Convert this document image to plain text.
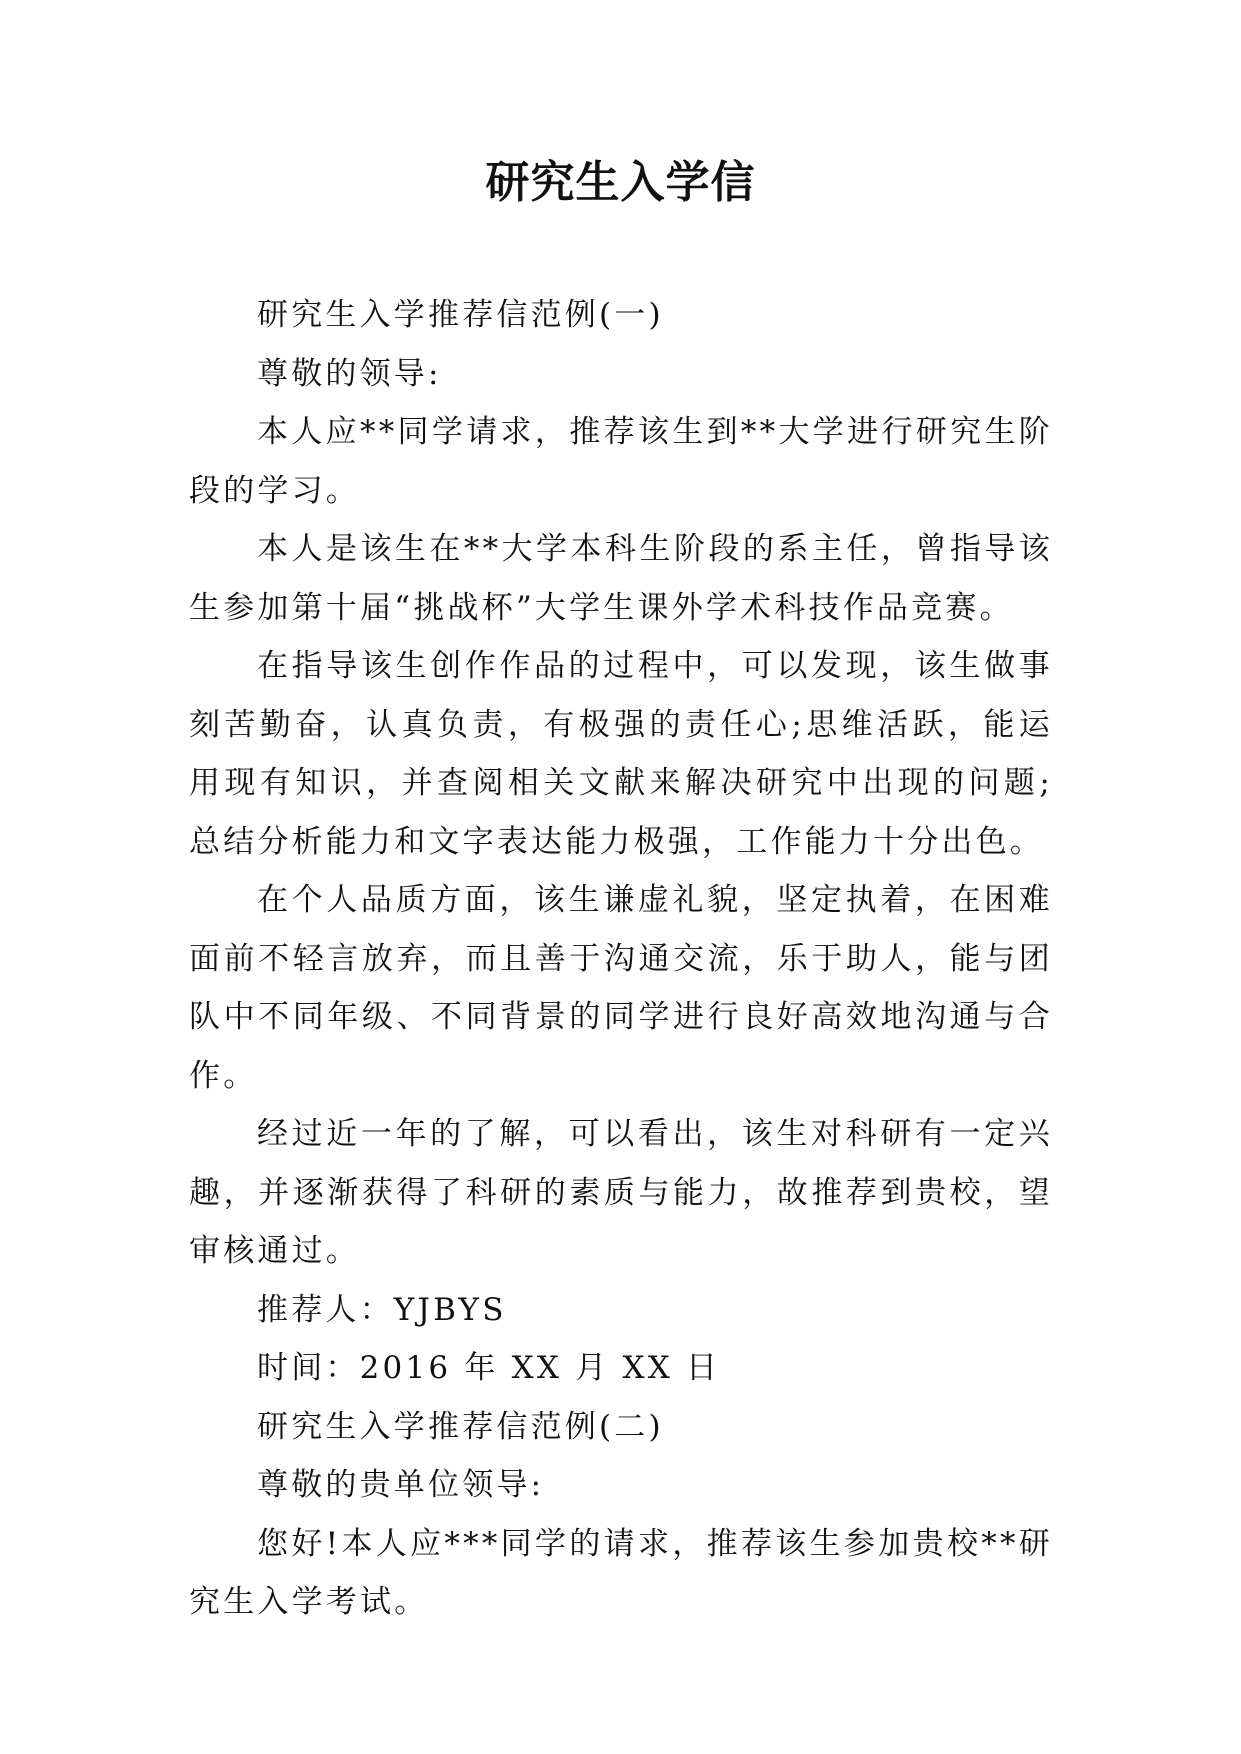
研究生入学信

研究生入学推荐信范例(一)

尊敬的领导:

本人应**同学请求，推荐该生到**大学进行研究生阶段的学习。

本人是该生在**大学本科生阶段的系主任，曾指导该生参加第十届“挑战杯”大学生课外学术科技作品竞赛。

在指导该生创作作品的过程中，可以发现，该生做事刻苦勤奋，认真负责，有极强的责任心;思维活跃，能运用现有知识，并查阅相关文献来解决研究中出现的问题;总结分析能力和文字表达能力极强，工作能力十分出色。

在个人品质方面，该生谦虚礼貌，坚定执着，在困难面前不轻言放弃，而且善于沟通交流，乐于助人，能与团队中不同年级、不同背景的同学进行良好高效地沟通与合作。

经过近一年的了解，可以看出，该生对科研有一定兴趣，并逐渐获得了科研的素质与能力，故推荐到贵校，望审核通过。

推荐人：YJBYS

时间：2016 年 XX 月 XX 日

研究生入学推荐信范例(二)

尊敬的贵单位领导:

您好!本人应***同学的请求，推荐该生参加贵校**研究生入学考试。
